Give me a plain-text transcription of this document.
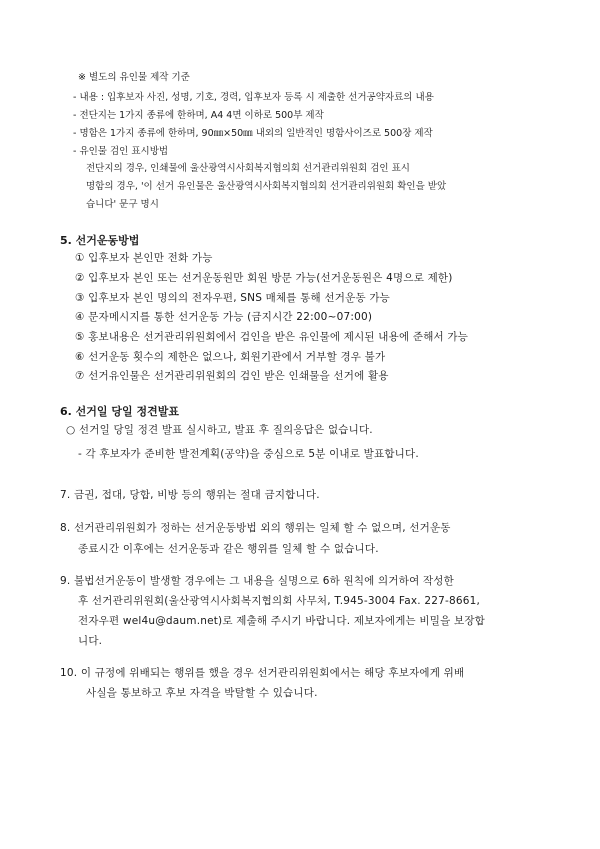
※ 별도의 유인물 제작 기준
- 내용 : 입후보자 사진, 성명, 기호, 경력, 입후보자 등록 시 제출한 선거공약자료의 내용
- 전단지는 1가지 종류에 한하며, A4 4면 이하로 500부 제작
- 명함은 1가지 종류에 한하며, 90㎜×50㎜ 내외의 일반적인 명함사이즈로 500장 제작
- 유인물 검인 표시방법
전단지의 경우, 인쇄물에 울산광역시사회복지협의회 선거관리위원회 검인 표시
명함의 경우, '이 선거 유인물은 울산광역시사회복지협의회 선거관리위원회 확인을 받았
습니다' 문구 명시
5. 선거운동방법
① 입후보자 본인만 전화 가능
② 입후보자 본인 또는 선거운동원만 회원 방문 가능(선거운동원은 4명으로 제한)
③ 입후보자 본인 명의의 전자우편, SNS 매체를 통해 선거운동 가능
④ 문자메시지를 통한 선거운동 가능 (금지시간 22:00~07:00)
⑤ 홍보내용은 선거관리위원회에서 검인을 받은 유인물에 제시된 내용에 준해서 가능
⑥ 선거운동 횟수의 제한은 없으나, 회원기관에서 거부할 경우 불가
⑦ 선거유인물은 선거관리위원회의 검인 받은 인쇄물을 선거에 활용
6. 선거일 당일 정견발표
○ 선거일 당일 정견 발표 실시하고, 발표 후 질의응답은 없습니다.
- 각 후보자가 준비한 발전계획(공약)을 중심으로 5분 이내로 발표합니다.
7. 금권, 접대, 당합, 비방 등의 행위는 절대 금지합니다.
8. 선거관리위원회가 정하는 선거운동방법 외의 행위는 일체 할 수 없으며, 선거운동
종료시간 이후에는 선거운동과 같은 행위를 일체 할 수 없습니다.
9. 불법선거운동이 발생할 경우에는 그 내용을 실명으로 6하 원칙에 의거하여 작성한
후 선거관리위원회(울산광역시사회복지협의회 사무처, T.945-3004 Fax. 227-8661,
전자우편 wel4u@daum.net)로 제출해 주시기 바랍니다. 제보자에게는 비밀을 보장합
니다.
10. 이 규정에 위배되는 행위를 했을 경우 선거관리위원회에서는 해당 후보자에게 위배
사실을 통보하고 후보 자격을 박탈할 수 있습니다.
